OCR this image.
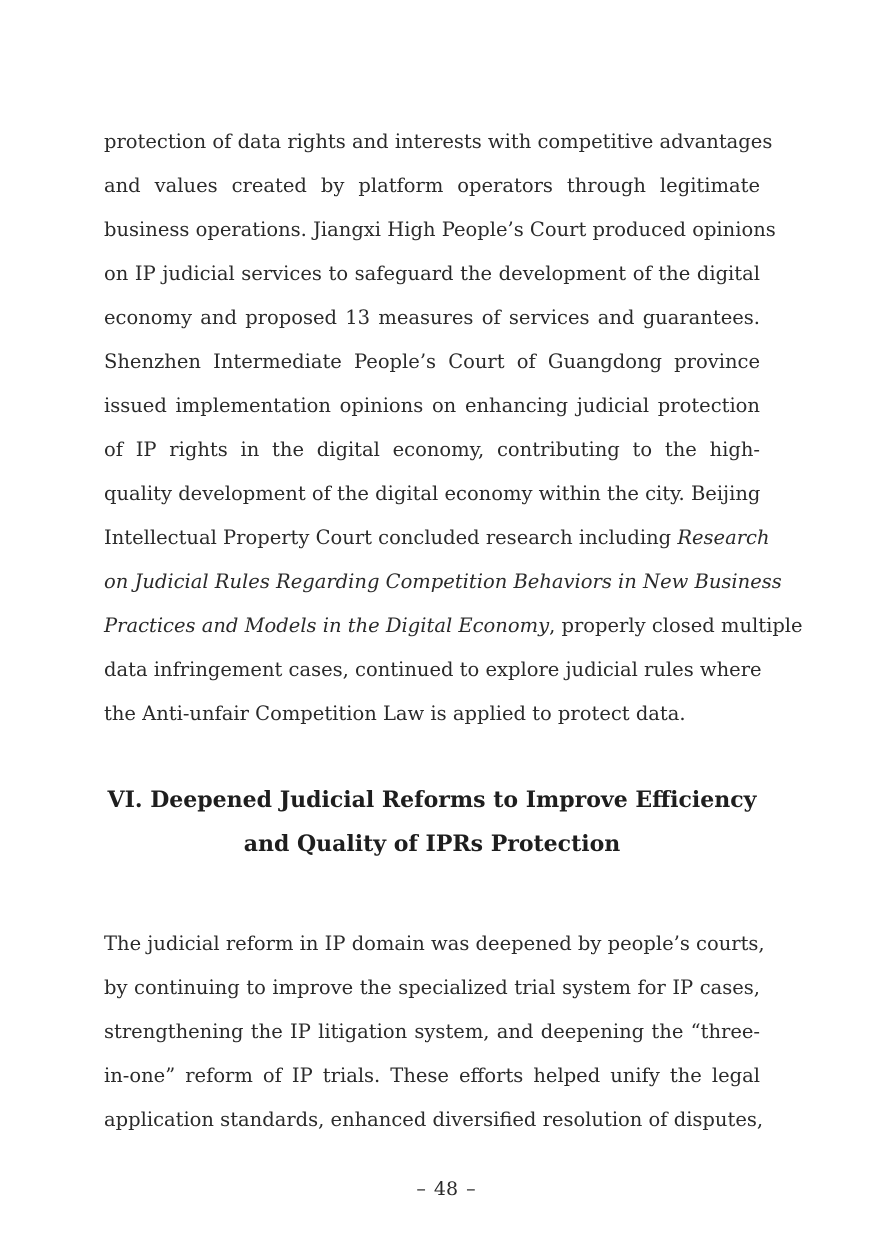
protection of data rights and interests with competitive advantages
and values created by platform operators through legitimate
business operations. Jiangxi High People’s Court produced opinions
on IP judicial services to safeguard the development of the digital
economy and proposed 13 measures of services and guarantees.
Shenzhen Intermediate People’s Court of Guangdong province
issued implementation opinions on enhancing judicial protection
of IP rights in the digital economy, contributing to the high-
quality development of the digital economy within the city. Beijing
Intellectual Property Court concluded research including Research
on Judicial Rules Regarding Competition Behaviors in New Business
Practices and Models in the Digital Economy, properly closed multiple
data infringement cases, continued to explore judicial rules where
the Anti-unfair Competition Law is applied to protect data.
VI. Deepened Judicial Reforms to Improve Efficiency
and Quality of IPRs Protection
The judicial reform in IP domain was deepened by people’s courts,
by continuing to improve the specialized trial system for IP cases,
strengthening the IP litigation system, and deepening the “three-
in-one” reform of IP trials. These efforts helped unify the legal
application standards, enhanced diversified resolution of disputes,
– 48 –
